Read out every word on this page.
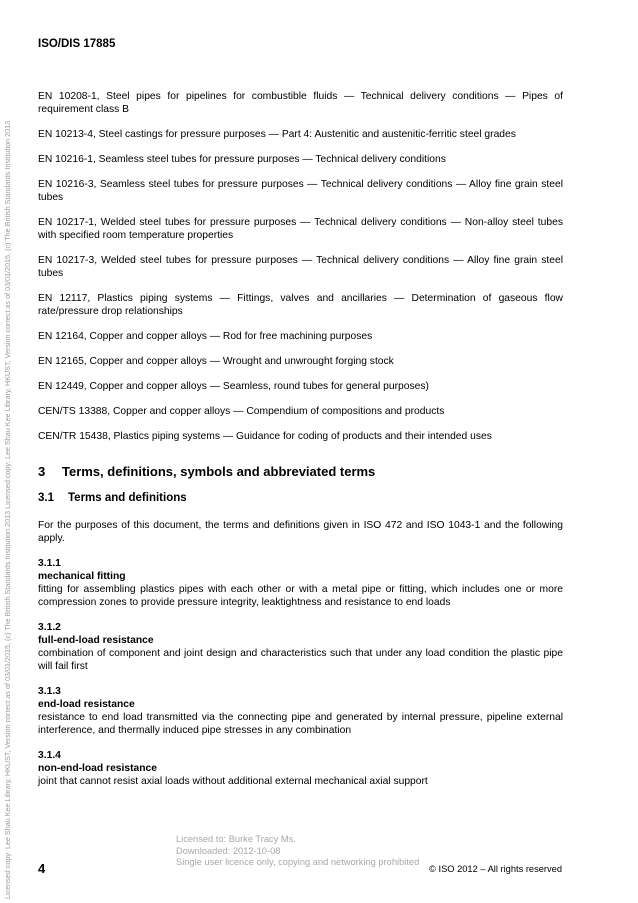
Licensed copy: Lee Shau Kee Library, HKUST, Version correct as of 03/01/2015, (c) The British Standards Institution 2013 Licensed copy: Lee Shau Kee Library, HKUST, Version correct as of 03/01/2015, (c) The British Standards Institution 2013
ISO/DIS 17885

EN 10208-1, Steel pipes for pipelines for combustible fluids — Technical delivery conditions — Pipes of requirement class B

EN 10213-4, Steel castings for pressure purposes — Part 4: Austenitic and austenitic-ferritic steel grades

EN 10216-1, Seamless steel tubes for pressure purposes — Technical delivery conditions

EN 10216-3, Seamless steel tubes for pressure purposes — Technical delivery conditions — Alloy fine grain steel tubes

EN 10217-1, Welded steel tubes for pressure purposes — Technical delivery conditions — Non-alloy steel tubes with specified room temperature properties

EN 10217-3, Welded steel tubes for pressure purposes — Technical delivery conditions — Alloy fine grain steel tubes

EN 12117, Plastics piping systems — Fittings, valves and ancillaries — Determination of gaseous flow rate/pressure drop relationships

EN 12164, Copper and copper alloys — Rod for free machining purposes

EN 12165, Copper and copper alloys — Wrought and unwrought forging stock

EN 12449, Copper and copper alloys — Seamless, round tubes for general purposes)

CEN/TS 13388, Copper and copper alloys — Compendium of compositions and products

CEN/TR 15438, Plastics piping systems — Guidance for coding of products and their intended uses

3 Terms, definitions, symbols and abbreviated terms
3.1 Terms and definitions

For the purposes of this document, the terms and definitions given in ISO 472 and ISO 1043-1 and the following apply.

3.1.1
mechanical fitting
fitting for assembling plastics pipes with each other or with a metal pipe or fitting, which includes one or more compression zones to provide pressure integrity, leaktightness and resistance to end loads
3.1.2
full-end-load resistance
combination of component and joint design and characteristics such that under any load condition the plastic pipe will fail first
3.1.3
end-load resistance
resistance to end load transmitted via the connecting pipe and generated by internal pressure, pipeline external interference, and thermally induced pipe stresses in any combination
3.1.4
non-end-load resistance
joint that cannot resist axial loads without additional external mechanical axial support
Licensed to: Burke Tracy Ms.
Downloaded: 2012-10-08
Single user licence only, copying and networking prohibited
4	© ISO 2012 – All rights reserved
